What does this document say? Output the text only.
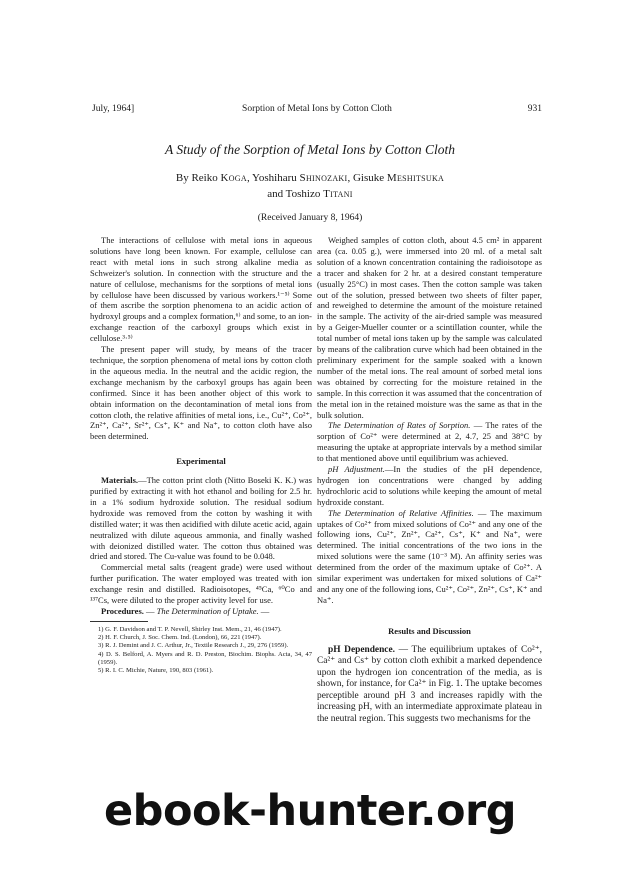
July, 1964]	Sorption of Metal Ions by Cotton Cloth	931
A Study of the Sorption of Metal Ions by Cotton Cloth
By Reiko Koga, Yoshiharu Shinozaki, Gisuke Meshitsuka
and Toshizo Titani
(Received January 8, 1964)

The interactions of cellulose with metal ions in aqueous solutions have long been known. For example, cellulose can react with metal ions in such strong alkaline media as Schweizer's solution. In connection with the structure and the nature of cellulose, mechanisms for the sorptions of metal ions by cellulose have been discussed by various workers.¹⁻⁵⁾ Some of them ascribe the sorption phenomena to an acidic action of hydroxyl groups and a complex formation,⁶⁾ and some, to an ion-exchange reaction of the carboxyl groups which exist in cellulose.³·⁵⁾

The present paper will study, by means of the tracer technique, the sorption phenomena of metal ions by cotton cloth in the aqueous media. In the neutral and the acidic region, the exchange mechanism by the carboxyl groups has again been confirmed. Since it has been another object of this work to obtain information on the decontamination of metal ions from cotton cloth, the relative affinities of metal ions, i.e., Cu²⁺, Co²⁺, Zn²⁺, Ca²⁺, Sr²⁺, Cs⁺, K⁺ and Na⁺, to cotton cloth have also been determined.

Experimental

Materials.—The cotton print cloth (Nitto Boseki K. K.) was purified by extracting it with hot ethanol and boiling for 2.5 hr. in a 1% sodium hydroxide solution. The residual sodium hydroxide was removed from the cotton by washing it with distilled water; it was then acidified with dilute acetic acid, again neutralized with dilute aqueous ammonia, and finally washed with deionized distilled water. The cotton thus obtained was dried and stored. The Cu-value was found to be 0.048.

Commercial metal salts (reagent grade) were used without further purification. The water employed was treated with ion exchange resin and distilled. Radioisotopes, ⁴⁵Ca, ⁶⁰Co and ¹³⁷Cs, were diluted to the proper activity level for use.

Procedures. — The Determination of Uptake. —

1) G. F. Davidson and T. P. Nevell, Shirley Inst. Mem., 21, 46 (1947).
2) H. F. Church, J. Soc. Chem. Ind. (London), 66, 221 (1947).
3) R. J. Demint and J. C. Arthur, Jr., Textile Research J., 29, 276 (1959).
4) D. S. Belford, A. Myers and R. D. Preston, Biochim. Biophs. Acta, 34, 47 (1959).
5) R. I. C. Michie, Nature, 190, 803 (1961).

Weighed samples of cotton cloth, about 4.5 cm² in apparent area (ca. 0.05 g.), were immersed into 20 ml. of a metal salt solution of a known concentration containing the radioisotope as a tracer and shaken for 2 hr. at a desired constant temperature (usually 25°C) in most cases. Then the cotton sample was taken out of the solution, pressed between two sheets of filter paper, and reweighed to determine the amount of the moisture retained in the sample. The activity of the air-dried sample was measured by a Geiger-Mueller counter or a scintillation counter, while the total number of metal ions taken up by the sample was calculated by means of the calibration curve which had been obtained in the preliminary experiment for the sample soaked with a known number of the metal ions. The real amount of sorbed metal ions was obtained by correcting for the moisture retained in the sample. In this correction it was assumed that the concentration of the metal ion in the retained moisture was the same as that in the bulk solution.

The Determination of Rates of Sorption. — The rates of the sorption of Co²⁺ were determined at 2, 4.7, 25 and 38°C by measuring the uptake at appropriate intervals by a method similar to that mentioned above until equilibrium was achieved.

pH Adjustment.—In the studies of the pH dependence, hydrogen ion concentrations were changed by adding hydrochloric acid to solutions while keeping the amount of metal hydroxide constant.

The Determination of Relative Affinities. — The maximum uptakes of Co²⁺ from mixed solutions of Co²⁺ and any one of the following ions, Cu²⁺, Zn²⁺, Ca²⁺, Cs⁺, K⁺ and Na⁺, were determined. The initial concentrations of the two ions in the mixed solutions were the same (10⁻³ M). An affinity series was determined from the order of the maximum uptake of Co²⁺. A similar experiment was undertaken for mixed solutions of Ca²⁺ and any one of the following ions, Cu²⁺, Co²⁺, Zn²⁺, Cs⁺, K⁺ and Na⁺.

Results and Discussion

pH Dependence. — The equilibrium uptakes of Co²⁺, Ca²⁺ and Cs⁺ by cotton cloth exhibit a marked dependence upon the hydrogen ion concentration of the media, as is shown, for instance, for Ca²⁺ in Fig. 1. The uptake becomes perceptible around pH 3 and increases rapidly with the increasing pH, with an intermediate approximate plateau in the neutral region. This suggests two mechanisms for the

ebook-hunter.org
